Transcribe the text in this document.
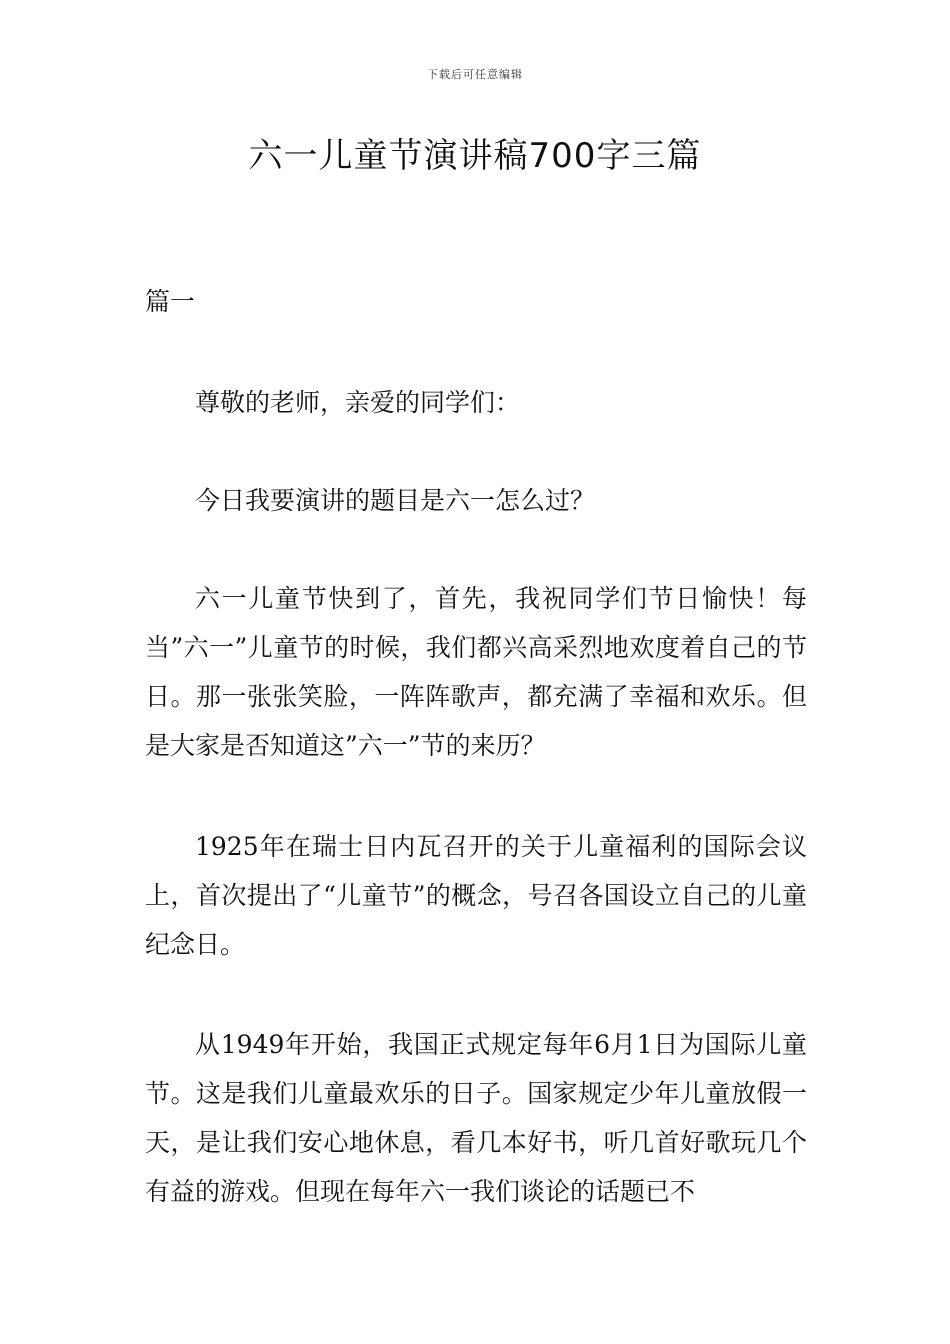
下载后可任意编辑
六一儿童节演讲稿700字三篇
篇一

尊敬的老师，亲爱的同学们：

今日我要演讲的题目是六一怎么过？

六一儿童节快到了，首先，我祝同学们节日愉快！每当”六一”儿童节的时候，我们都兴高采烈地欢度着自己的节日。那一张张笑脸，一阵阵歌声，都充满了幸福和欢乐。但是大家是否知道这”六一”节的来历？

1925年在瑞士日内瓦召开的关于儿童福利的国际会议上，首次提出了“儿童节”的概念，号召各国设立自己的儿童纪念日。

从1949年开始，我国正式规定每年6月1日为国际儿童节。这是我们儿童最欢乐的日子。国家规定少年儿童放假一天，是让我们安心地休息，看几本好书，听几首好歌玩几个有益的游戏。但现在每年六一我们谈论的话题已不
